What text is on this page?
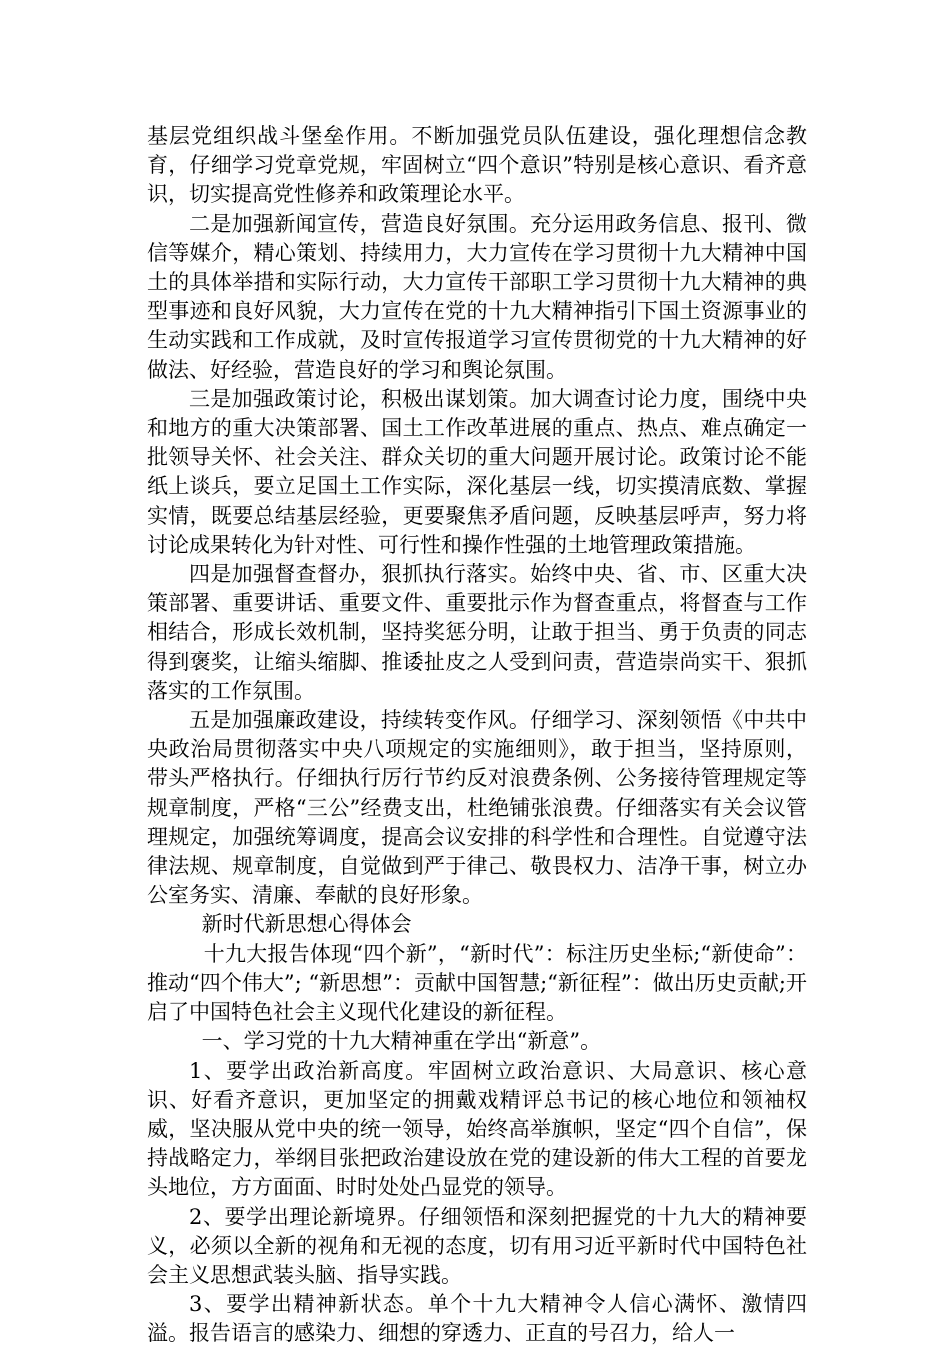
基层党组织战斗堡垒作用。不断加强党员队伍建设，强化理想信念教育，仔细学习党章党规，牢固树立“四个意识”特别是核心意识、看齐意识，切实提高党性修养和政策理论水平。

二是加强新闻宣传，营造良好氛围。充分运用政务信息、报刊、微信等媒介，精心策划、持续用力，大力宣传在学习贯彻十九大精神中国土的具体举措和实际行动，大力宣传干部职工学习贯彻十九大精神的典型事迹和良好风貌，大力宣传在党的十九大精神指引下国土资源事业的生动实践和工作成就，及时宣传报道学习宣传贯彻党的十九大精神的好做法、好经验，营造良好的学习和舆论氛围。

三是加强政策讨论，积极出谋划策。加大调查讨论力度，围绕中央和地方的重大决策部署、国土工作改革进展的重点、热点、难点确定一批领导关怀、社会关注、群众关切的重大问题开展讨论。政策讨论不能纸上谈兵，要立足国土工作实际，深化基层一线，切实摸清底数、掌握实情，既要总结基层经验，更要聚焦矛盾问题，反映基层呼声，努力将讨论成果转化为针对性、可行性和操作性强的土地管理政策措施。

四是加强督查督办，狠抓执行落实。始终中央、省、市、区重大决策部署、重要讲话、重要文件、重要批示作为督查重点，将督查与工作相结合，形成长效机制，坚持奖惩分明，让敢于担当、勇于负责的同志得到褒奖，让缩头缩脚、推诿扯皮之人受到问责，营造崇尚实干、狠抓落实的工作氛围。

五是加强廉政建设，持续转变作风。仔细学习、深刻领悟《中共中央政治局贯彻落实中央八项规定的实施细则》，敢于担当，坚持原则，带头严格执行。仔细执行厉行节约反对浪费条例、公务接待管理规定等规章制度，严格“三公”经费支出，杜绝铺张浪费。仔细落实有关会议管理规定，加强统筹调度，提高会议安排的科学性和合理性。自觉遵守法律法规、规章制度，自觉做到严于律己、敬畏权力、洁净干事，树立办公室务实、清廉、奉献的良好形象。

新时代新思想心得体会

十九大报告体现“四个新”，“新时代”：标注历史坐标;“新使命”：推动“四个伟大”; “新思想”：贡献中国智慧;“新征程”：做出历史贡献;开启了中国特色社会主义现代化建设的新征程。

一、学习党的十九大精神重在学出“新意”。

1、要学出政治新高度。牢固树立政治意识、大局意识、核心意识、好看齐意识，更加坚定的拥戴戏精评总书记的核心地位和领袖权威，坚决服从党中央的统一领导，始终高举旗帜，坚定“四个自信”，保持战略定力，举纲目张把政治建设放在党的建设新的伟大工程的首要龙头地位，方方面面、时时处处凸显党的领导。

2、要学出理论新境界。仔细领悟和深刻把握党的十九大的精神要义，必须以全新的视角和无视的态度，切有用习近平新时代中国特色社会主义思想武装头脑、指导实践。

3、要学出精神新状态。单个十九大精神令人信心满怀、激情四溢。报告语言的感染力、细想的穿透力、正直的号召力，给人一
